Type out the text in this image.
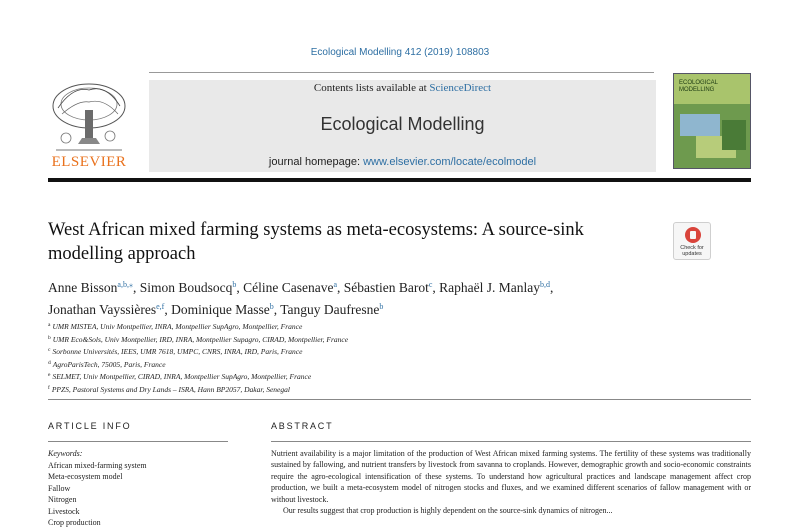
Ecological Modelling 412 (2019) 108803
ELSEVIER
Contents lists available at ScienceDirect
Ecological Modelling
journal homepage: www.elsevier.com/locate/ecolmodel
ECOLOGICAL MODELLING
West African mixed farming systems as meta-ecosystems: A source-sink modelling approach	Check for updates
Anne Bisson$^{a,b,⁎}$, Simon Boudsocq$^b$, Céline Casenave$^a$, Sébastien Barot$^c$, Raphaël J. Manlay$^{b,d}$,
Jonathan Vayssières$^{e,f}$, Dominique Masse$^b$, Tanguy Daufresne$^b$
$^a$ UMR MISTEA, Univ Montpellier, INRA, Montpellier SupAgro, Montpellier, France
$^b$ UMR Eco&Sols, Univ Montpellier, IRD, INRA, Montpellier Supagro, CIRAD, Montpellier, France
$^c$ Sorbonne Universités, IEES, UMR 7618, UMPC, CNRS, INRA, IRD, Paris, France
$^d$ AgroParisTech, 75005, Paris, France
$^e$ SELMET, Univ Montpellier, CIRAD, INRA, Montpellier SupAgro, Montpellier, France
$^f$ PPZS, Pastoral Systems and Dry Lands – ISRA, Hann BP2057, Dakar, Senegal
ARTICLE INFO	ABSTRACT
Keywords:
African mixed-farming system
Meta-ecosystem model
Fallow
Nitrogen
Livestock
Crop production

Nutrient availability is a major limitation of the production of West African mixed farming systems. The fertility of these systems was traditionally sustained by fallowing, and nutrient transfers by livestock from savanna to croplands. However, demographic growth and socio-economic constraints require the agro-ecological intensification of these systems. To understand how agricultural practices and landscape management affect crop production, we built a meta-ecosystem model of nitrogen stocks and fluxes, and we examined different scenarios of fallow management with or without livestock.

Our results suggest that crop production is highly dependent on the source-sink dynamics of nitrogen...
